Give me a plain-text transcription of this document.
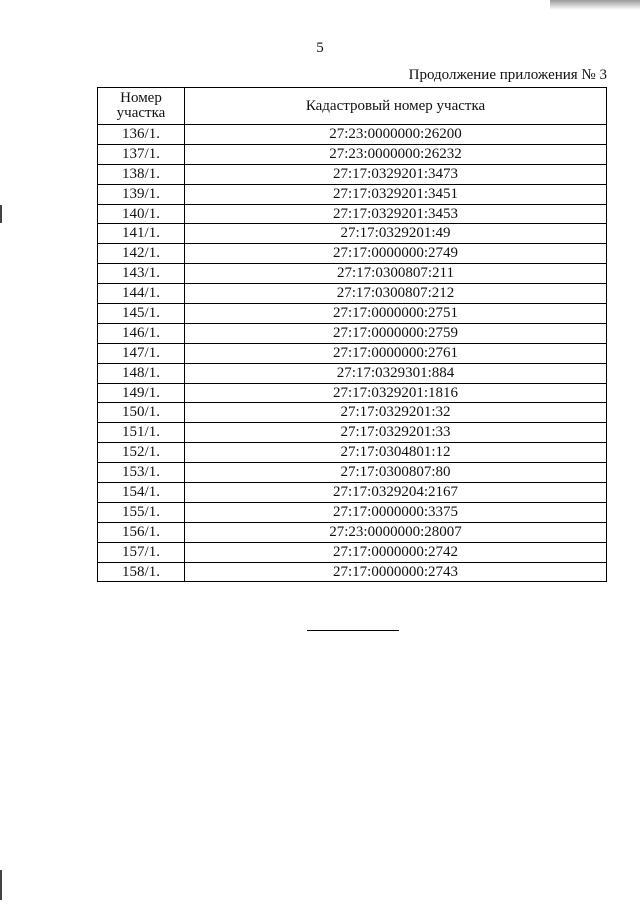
5
Продолжение приложения № 3
Номер
участка	Кадастровый номер участка
136/1.	27:23:0000000:26200
137/1.	27:23:0000000:26232
138/1.	27:17:0329201:3473
139/1.	27:17:0329201:3451
140/1.	27:17:0329201:3453
141/1.	27:17:0329201:49
142/1.	27:17:0000000:2749
143/1.	27:17:0300807:211
144/1.	27:17:0300807:212
145/1.	27:17:0000000:2751
146/1.	27:17:0000000:2759
147/1.	27:17:0000000:2761
148/1.	27:17:0329301:884
149/1.	27:17:0329201:1816
150/1.	27:17:0329201:32
151/1.	27:17:0329201:33
152/1.	27:17:0304801:12
153/1.	27:17:0300807:80
154/1.	27:17:0329204:2167
155/1.	27:17:0000000:3375
156/1.	27:23:0000000:28007
157/1.	27:17:0000000:2742
158/1.	27:17:0000000:2743
